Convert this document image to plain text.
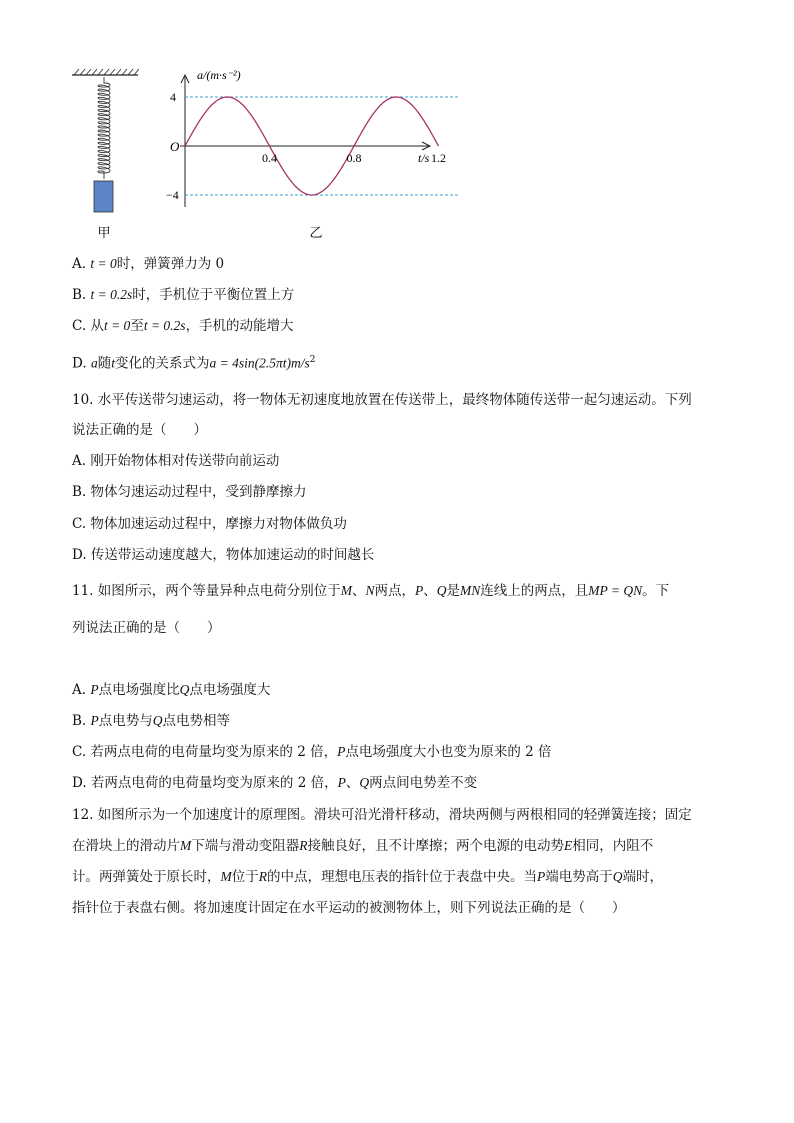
甲
0.4	0.8	1.2
a/(m·s⁻²)
t/s
O
4
−4
乙
A. t = 0时，弹簧弹力为 0
B. t = 0.2s时，手机位于平衡位置上方
C. 从t = 0至t = 0.2s，手机的动能增大
D. a随t变化的关系式为$a = 4\sin(2.5\pi t)m/s^2$
10. 水平传送带匀速运动，将一物体无初速度地放置在传送带上，最终物体随传送带一起匀速运动。下列
说法正确的是（　　）
A. 刚开始物体相对传送带向前运动
B. 物体匀速运动过程中，受到静摩擦力
C. 物体加速运动过程中，摩擦力对物体做负功
D. 传送带运动速度越大，物体加速运动的时间越长
11. 如图所示，两个等量异种点电荷分别位于M、N两点，P、Q是MN连线上的两点，且MP = QN。下
列说法正确的是（　　）
A. P点电场强度比Q点电场强度大
B. P点电势与Q点电势相等
C. 若两点电荷的电荷量均变为原来的 2 倍，P点电场强度大小也变为原来的 2 倍
D. 若两点电荷的电荷量均变为原来的 2 倍，P、Q两点间电势差不变
12. 如图所示为一个加速度计的原理图。滑块可沿光滑杆移动，滑块两侧与两根相同的轻弹簧连接；固定
在滑块上的滑动片M下端与滑动变阻器R接触良好，且不计摩擦；两个电源的电动势E相同，内阻不
计。两弹簧处于原长时，M位于R的中点，理想电压表的指针位于表盘中央。当P端电势高于Q端时，
指针位于表盘右侧。将加速度计固定在水平运动的被测物体上，则下列说法正确的是（　　）
